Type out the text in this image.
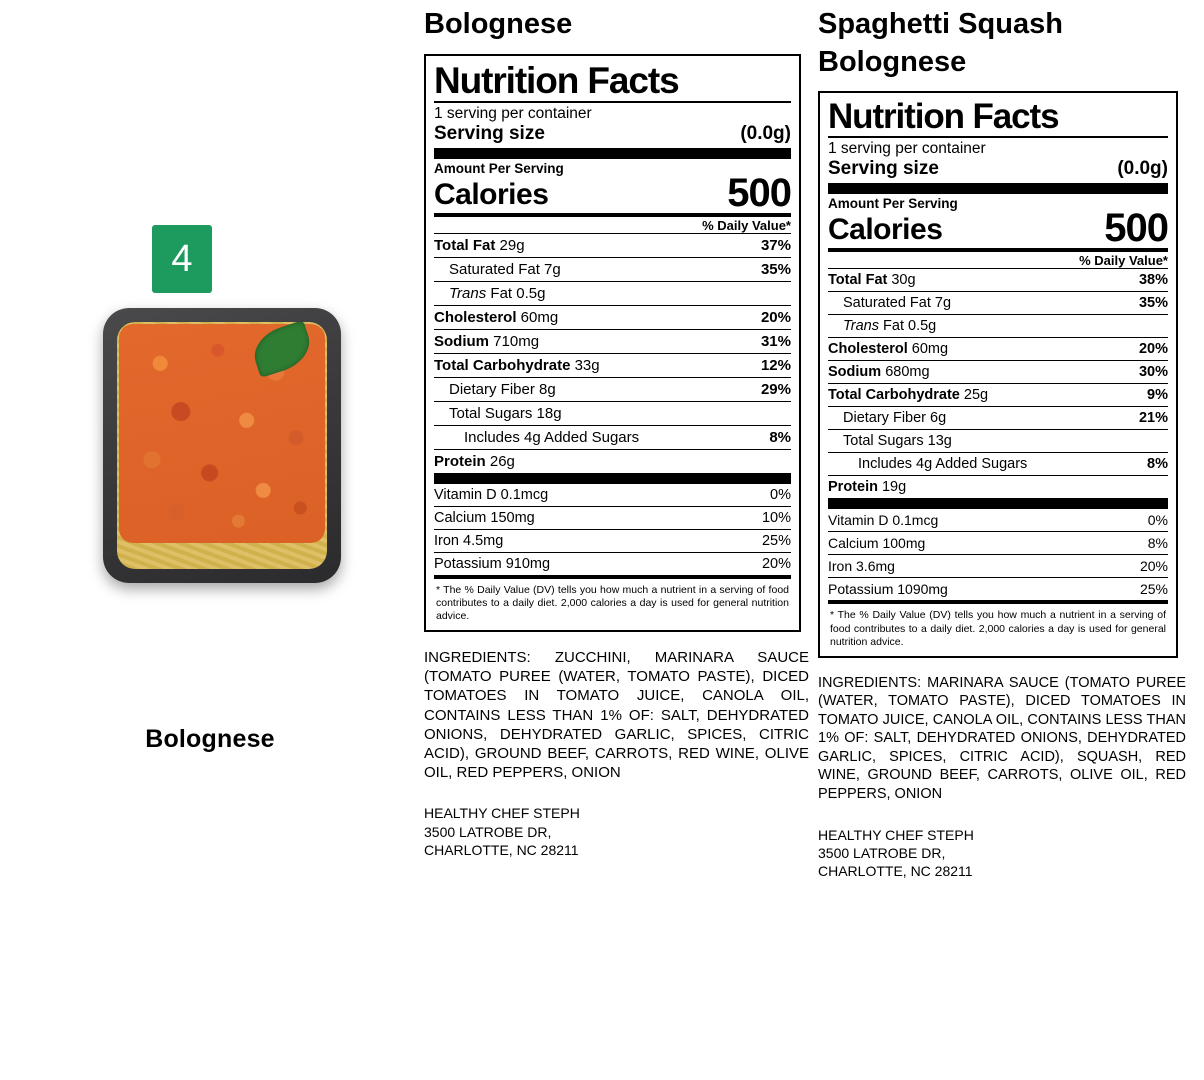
4
Bolognese
Bolognese
Nutrition Facts
1 serving per container
Serving size	(0.0g)
Amount Per Serving
Calories	500
% Daily Value*
Total Fat 29g	37%
Saturated Fat 7g	35%
Trans Fat 0.5g
Cholesterol 60mg	20%
Sodium 710mg	31%
Total Carbohydrate 33g	12%
Dietary Fiber 8g	29%
Total Sugars 18g
Includes 4g Added Sugars	8%
Protein 26g
Vitamin D 0.1mcg	0%
Calcium 150mg	10%
Iron 4.5mg	25%
Potassium 910mg	20%
* The % Daily Value (DV) tells you how much a nutrient in a serving of food contributes to a daily diet. 2,000 calories a day is used for general nutrition advice.
INGREDIENTS: ZUCCHINI, MARINARA SAUCE (TOMATO PUREE (WATER, TOMATO PASTE), DICED TOMATOES IN TOMATO JUICE, CANOLA OIL, CONTAINS LESS THAN 1% OF: SALT, DEHYDRATED ONIONS, DEHYDRATED GARLIC, SPICES, CITRIC ACID), GROUND BEEF, CARROTS, RED WINE, OLIVE OIL, RED PEPPERS, ONION
HEALTHY CHEF STEPH
3500 LATROBE DR,
CHARLOTTE, NC 28211
Spaghetti Squash Bolognese
Nutrition Facts
1 serving per container
Serving size	(0.0g)
Amount Per Serving
Calories	500
% Daily Value*
Total Fat 30g	38%
Saturated Fat 7g	35%
Trans Fat 0.5g
Cholesterol 60mg	20%
Sodium 680mg	30%
Total Carbohydrate 25g	9%
Dietary Fiber 6g	21%
Total Sugars 13g
Includes 4g Added Sugars	8%
Protein 19g
Vitamin D 0.1mcg	0%
Calcium 100mg	8%
Iron 3.6mg	20%
Potassium 1090mg	25%
* The % Daily Value (DV) tells you how much a nutrient in a serving of food contributes to a daily diet. 2,000 calories a day is used for general nutrition advice.
INGREDIENTS: MARINARA SAUCE (TOMATO PUREE (WATER, TOMATO PASTE), DICED TOMATOES IN TOMATO JUICE, CANOLA OIL, CONTAINS LESS THAN 1% OF: SALT, DEHYDRATED ONIONS, DEHYDRATED GARLIC, SPICES, CITRIC ACID), SQUASH, RED WINE, GROUND BEEF, CARROTS, OLIVE OIL, RED PEPPERS, ONION
HEALTHY CHEF STEPH
3500 LATROBE DR,
CHARLOTTE, NC 28211
